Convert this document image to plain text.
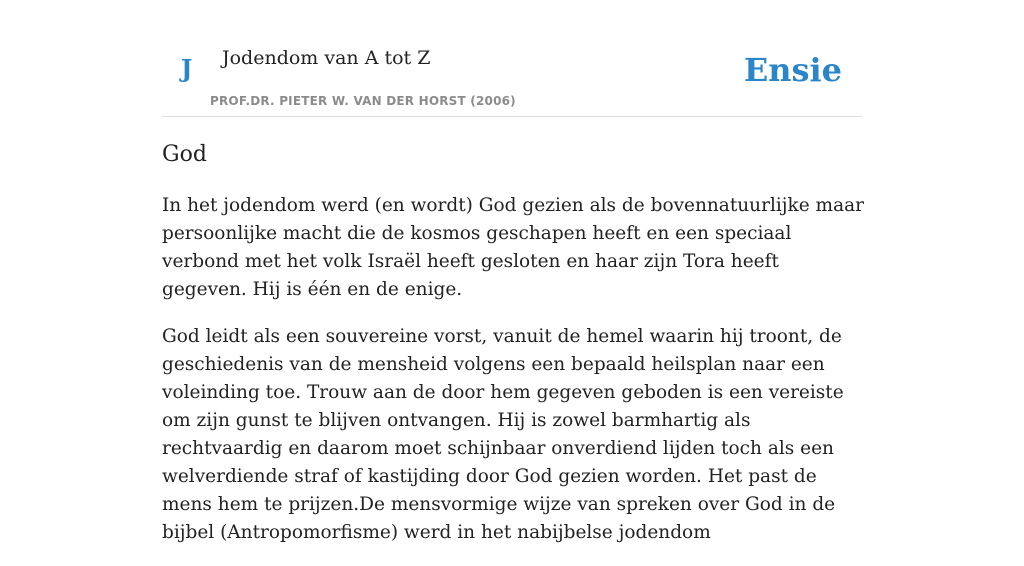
J Jodendom van A tot Z
PROF.DR. PIETER W. VAN DER HORST (2006)
Ensie
God

In het jodendom werd (en wordt) God gezien als de bovennatuurlijke maar persoonlijke macht die de kosmos geschapen heeft en een speciaal verbond met het volk Israël heeft gesloten en haar zijn Tora heeft gegeven. Hij is één en de enige.

God leidt als een souvereine vorst, vanuit de hemel waarin hij troont, de geschiedenis van de mensheid volgens een bepaald heilsplan naar een voleinding toe. Trouw aan de door hem gegeven geboden is een vereiste om zijn gunst te blijven ontvangen. Hij is zowel barmhartig als rechtvaardig en daarom moet schijnbaar onverdiend lijden toch als een welverdiende straf of kastijding door God gezien worden. Het past de mens hem te prijzen.De mensvormige wijze van spreken over God in de bijbel (Antropomorfisme) werd in het nabijbelse jodendom
